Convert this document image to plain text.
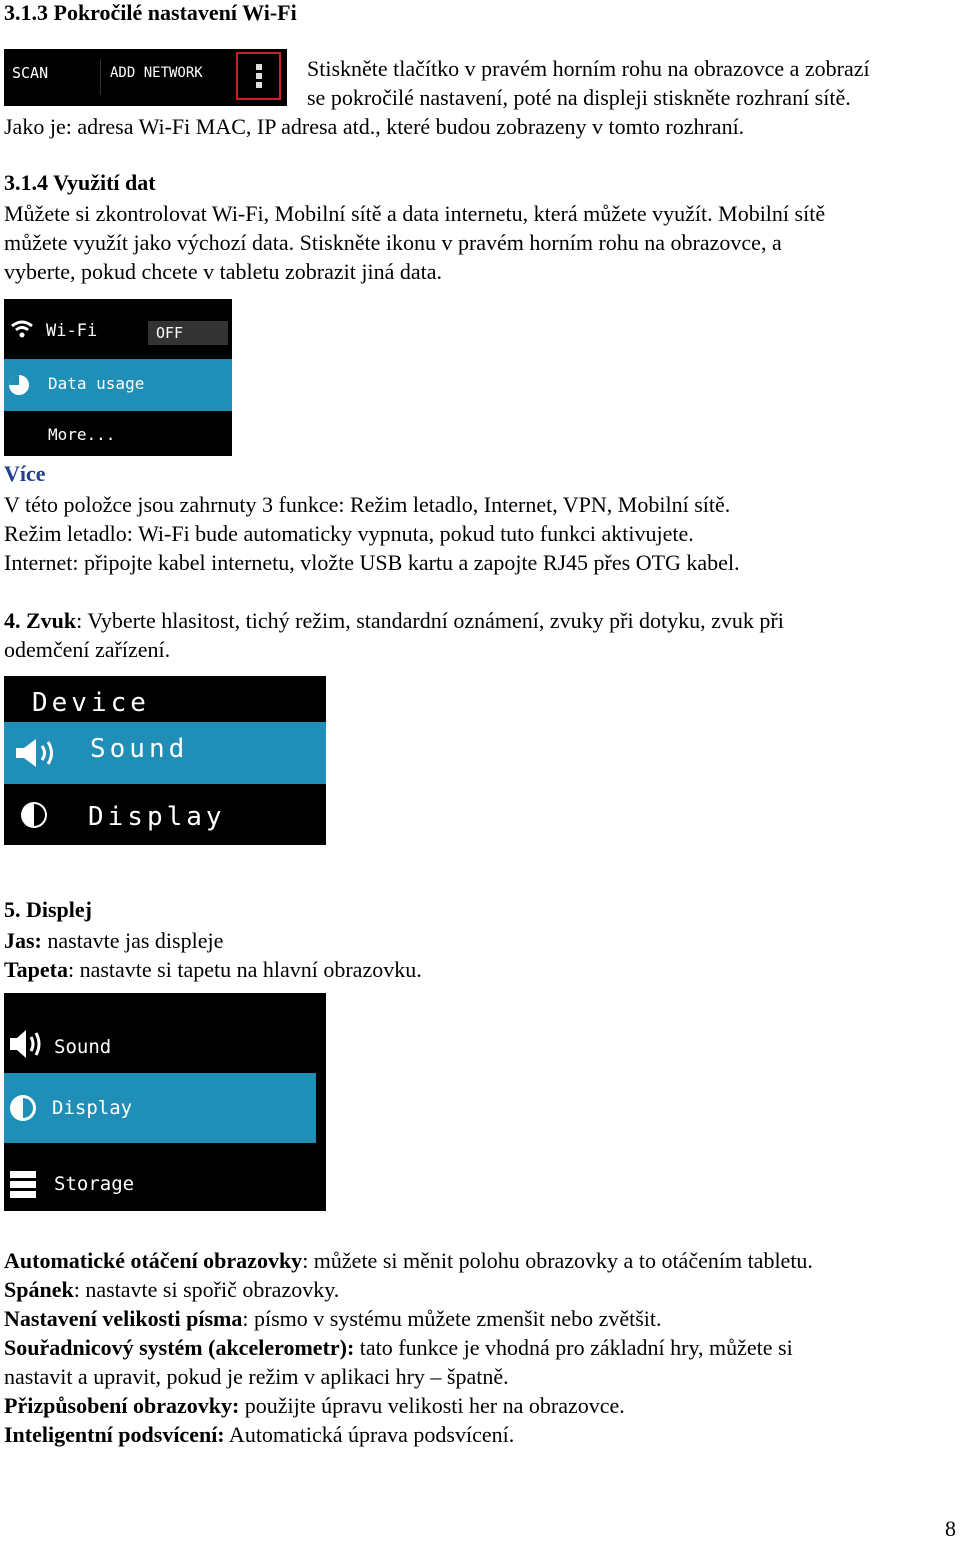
3.1.3 Pokročilé nastavení Wi-Fi
SCAN	ADD NETWORK	Stiskněte tlačítko v pravém horním rohu na obrazovce a zobrazí
se pokročilé nastavení, poté na displeji stiskněte rozhraní sítě.
Jako je: adresa Wi-Fi MAC, IP adresa atd., které budou zobrazeny v tomto rozhraní.
3.1.4 Využití dat
Můžete si zkontrolovat Wi-Fi, Mobilní sítě a data internetu, která můžete využít. Mobilní sítě
můžete využít jako výchozí data. Stiskněte ikonu v pravém horním rohu na obrazovce, a
vyberte, pokud chcete v tabletu zobrazit jiná data.
Wi-Fi	OFF
Data usage
More...
Více
V této položce jsou zahrnuty 3 funkce: Režim letadlo, Internet, VPN, Mobilní sítě.
Režim letadlo: Wi-Fi bude automaticky vypnuta, pokud tuto funkci aktivujete.
Internet: připojte kabel internetu, vložte USB kartu a zapojte RJ45 přes OTG kabel.
4. Zvuk: Vyberte hlasitost, tichý režim, standardní oznámení, zvuky při dotyku, zvuk při
odemčení zařízení.
Device
Sound
Display
5. Displej
Jas: nastavte jas displeje
Tapeta: nastavte si tapetu na hlavní obrazovku.
Sound
Display
Storage
Automatické otáčení obrazovky: můžete si měnit polohu obrazovky a to otáčením tabletu.
Spánek: nastavte si spořič obrazovky.
Nastavení velikosti písma: písmo v systému můžete zmenšit nebo zvětšit.
Souřadnicový systém (akcelerometr): tato funkce je vhodná pro základní hry, můžete si
nastavit a upravit, pokud je režim v aplikaci hry – špatně.
Přizpůsobení obrazovky: použijte úpravu velikosti her na obrazovce.
Inteligentní podsvícení: Automatická úprava podsvícení.
8
